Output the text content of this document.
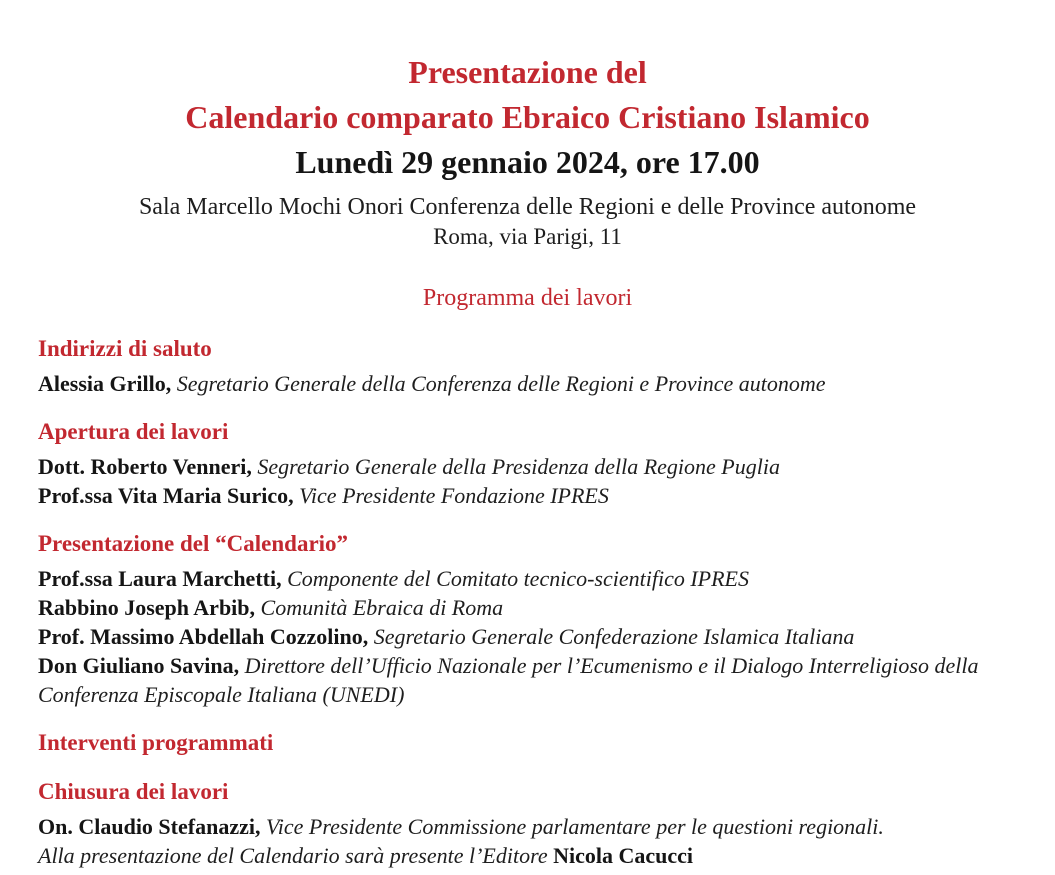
Presentazione del
Calendario comparato Ebraico Cristiano Islamico
Lunedì 29 gennaio 2024, ore 17.00
Sala Marcello Mochi Onori Conferenza delle Regioni e delle Province autonome
Roma, via Parigi, 11
Programma dei lavori
Indirizzi di saluto

Alessia Grillo, Segretario Generale della Conferenza delle Regioni e Province autonome

Apertura dei lavori

Dott. Roberto Venneri, Segretario Generale della Presidenza della Regione Puglia

Prof.ssa Vita Maria Surico, Vice Presidente Fondazione IPRES

Presentazione del “Calendario”

Prof.ssa Laura Marchetti, Componente del Comitato tecnico-scientifico IPRES

Rabbino Joseph Arbib, Comunità Ebraica di Roma

Prof. Massimo Abdellah Cozzolino, Segretario Generale Confederazione Islamica Italiana

Don Giuliano Savina, Direttore dell’Ufficio Nazionale per l’Ecumenismo e il Dialogo Interreligioso della Conferenza Episcopale Italiana (UNEDI)

Interventi programmati
Chiusura dei lavori

On. Claudio Stefanazzi, Vice Presidente Commissione parlamentare per le questioni regionali.

Alla presentazione del Calendario sarà presente l’Editore Nicola Cacucci
